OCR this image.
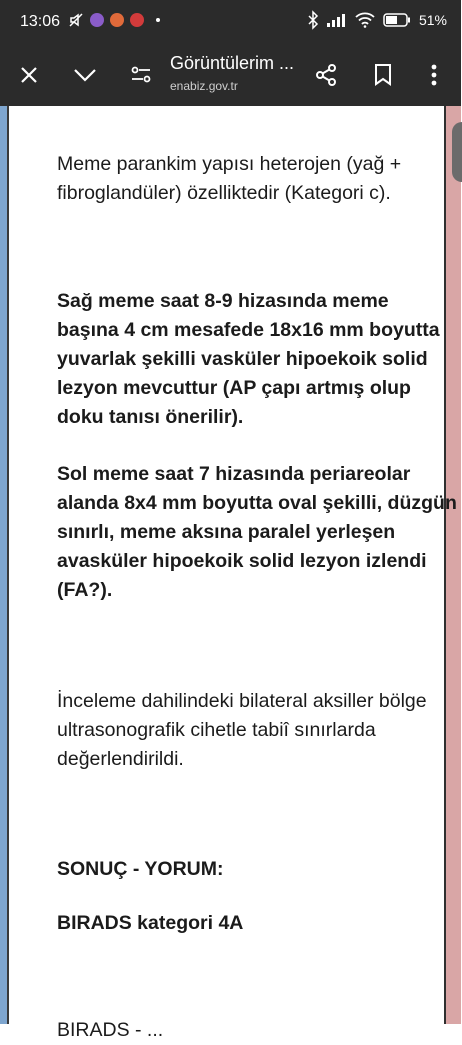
13:06	51%
Görüntülerim ...
enabiz.gov.tr
Meme parankim yapısı heterojen (yağ +
fibroglandüler) özelliktedir (Kategori c).
Sağ meme saat 8-9 hizasında meme
başına 4 cm mesafede 18x16 mm boyutta
yuvarlak şekilli vasküler hipoekoik solid
lezyon mevcuttur (AP çapı artmış olup
doku tanısı önerilir).
Sol meme saat 7 hizasında periareolar
alanda 8x4 mm boyutta oval şekilli, düzgün
sınırlı, meme aksına paralel yerleşen
avasküler hipoekoik solid lezyon izlendi
(FA?).
İnceleme dahilindeki bilateral aksiller bölge
ultrasonografik cihetle tabiî sınırlarda
değerlendirildi.
SONUÇ - YORUM:
BIRADS kategori 4A
BIRADS - ...
